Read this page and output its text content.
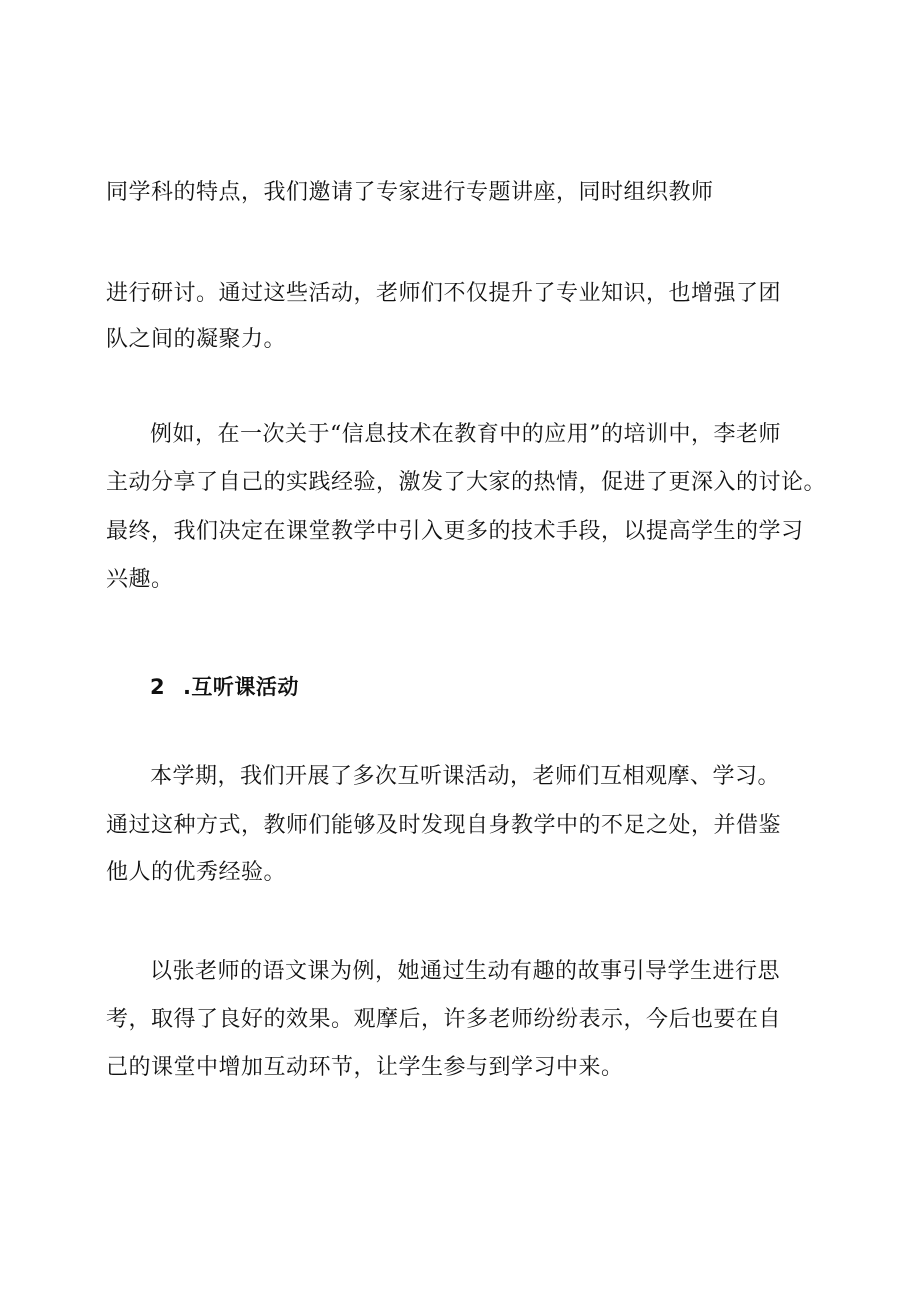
同学科的特点，我们邀请了专家进行专题讲座，同时组织教师
进行研讨。通过这些活动，老师们不仅提升了专业知识，也增强了团
队之间的凝聚力。
例如，在一次关于“信息技术在教育中的应用”的培训中，李老师
主动分享了自己的实践经验，激发了大家的热情，促进了更深入的讨论。
最终，我们决定在课堂教学中引入更多的技术手段，以提高学生的学习
兴趣。
2 .互听课活动
本学期，我们开展了多次互听课活动，老师们互相观摩、学习。
通过这种方式，教师们能够及时发现自身教学中的不足之处，并借鉴
他人的优秀经验。
以张老师的语文课为例，她通过生动有趣的故事引导学生进行思
考，取得了良好的效果。观摩后，许多老师纷纷表示，今后也要在自
己的课堂中增加互动环节，让学生参与到学习中来。
